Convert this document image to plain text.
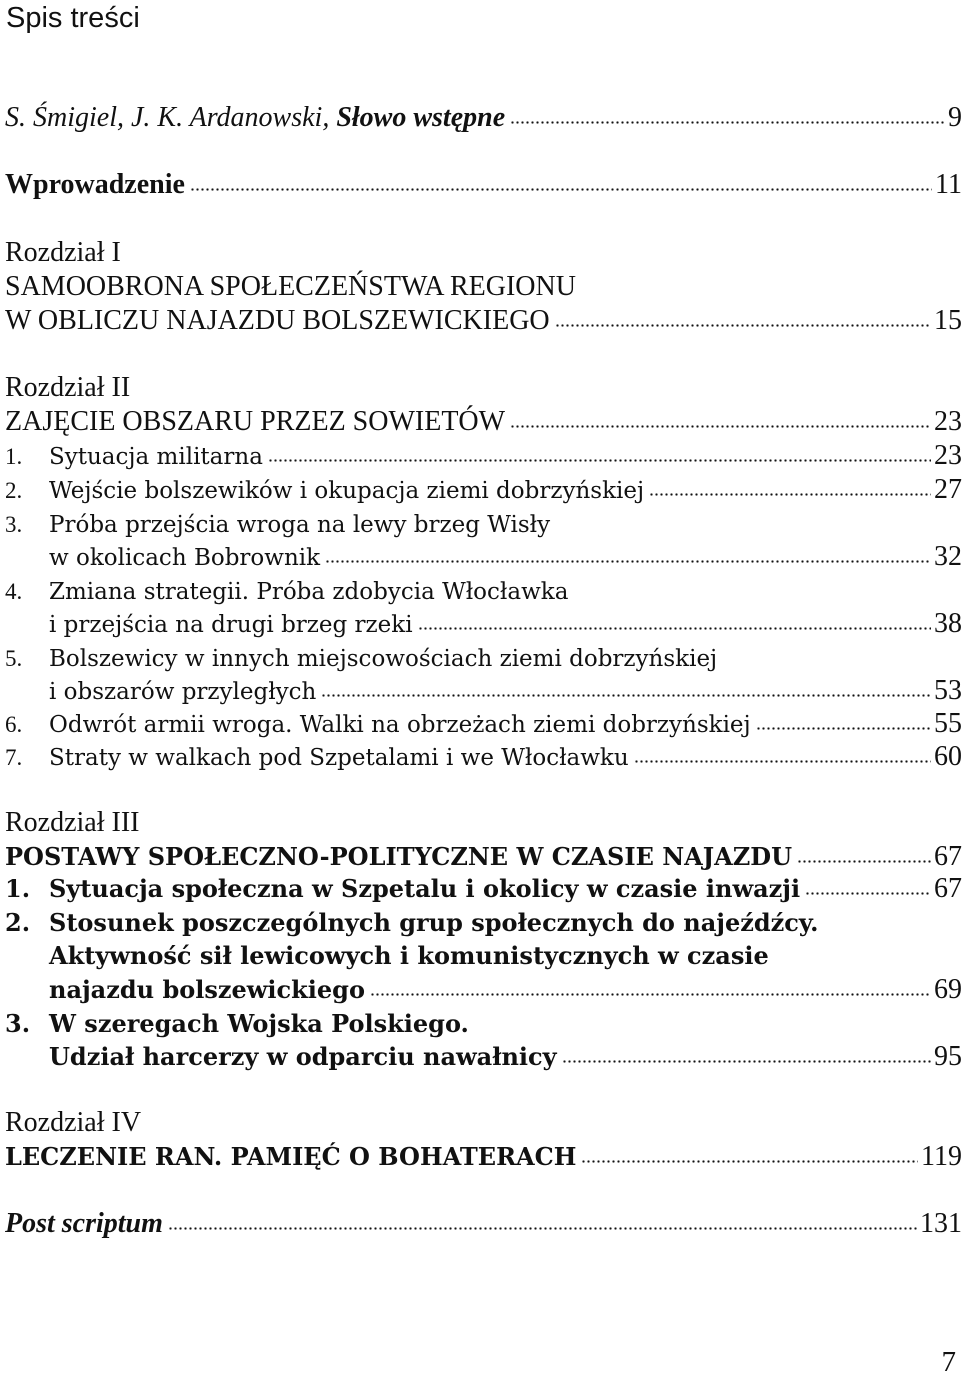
Spis treści
S. Śmigiel, J. K. Ardanowski, Słowo wstępne	9
Wprowadzenie	11
Rozdział I
SAMOOBRONA SPOŁECZEŃSTWA REGIONU
W OBLICZU NAJAZDU BOLSZEWICKIEGO	15
Rozdział II
ZAJĘCIE OBSZARU PRZEZ SOWIETÓW	23
1. Sytuacja militarna	23
2. Wejście bolszewików i okupacja ziemi dobrzyńskiej	27
3. Próba przejścia wroga na lewy brzeg Wisły
w okolicach Bobrownik	32
4. Zmiana strategii. Próba zdobycia Włocławka
i przejścia na drugi brzeg rzeki	38
5. Bolszewicy w innych miejscowościach ziemi dobrzyńskiej
i obszarów przyległych	53
6. Odwrót armii wroga. Walki na obrzeżach ziemi dobrzyńskiej	55
7. Straty w walkach pod Szpetalami i we Włocławku	60
Rozdział III
POSTAWY SPOŁECZNO-POLITYCZNE W CZASIE NAJAZDU	67
1. Sytuacja społeczna w Szpetalu i okolicy w czasie inwazji	67
2. Stosunek poszczególnych grup społecznych do najeźdźcy.
Aktywność sił lewicowych i komunistycznych w czasie
najazdu bolszewickiego	69
3. W szeregach Wojska Polskiego.
Udział harcerzy w odparciu nawałnicy	95
Rozdział IV
LECZENIE RAN. PAMIĘĆ O BOHATERACH	119
Post scriptum	131
7
